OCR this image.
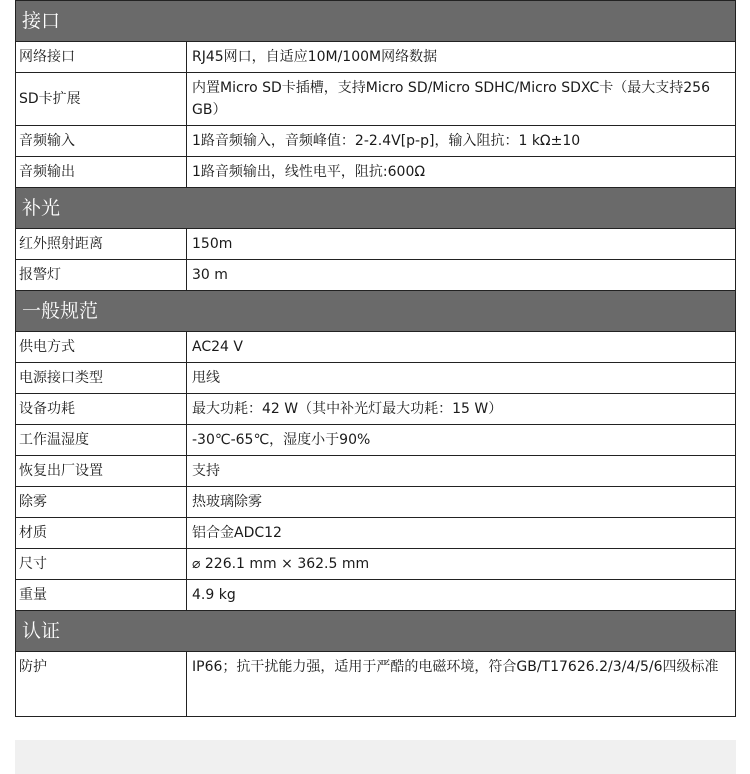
接口	
网络接口	RJ45网口，自适应10M/100M网络数据
SD卡扩展	内置Micro SD卡插槽，支持Micro SD/Micro SDHC/Micro SDXC卡（最大支持256 GB）
音频输入	1路音频输入，音频峰值：2-2.4V[p-p]，输入阻抗：1 kΩ±10
音频输出	1路音频输出，线性电平，阻抗:600Ω
补光	
红外照射距离	150m
报警灯	30 m
一般规范	
供电方式	AC24 V
电源接口类型	甩线
设备功耗	最大功耗：42 W（其中补光灯最大功耗：15 W）
工作温湿度	-30℃-65℃，湿度小于90%
恢复出厂设置	支持
除雾	热玻璃除雾
材质	铝合金ADC12
尺寸	⌀ 226.1 mm × 362.5 mm
重量	4.9 kg
认证	
防护	IP66；抗干扰能力强，适用于严酷的电磁环境，符合GB/T17626.2/3/4/5/6四级标准
